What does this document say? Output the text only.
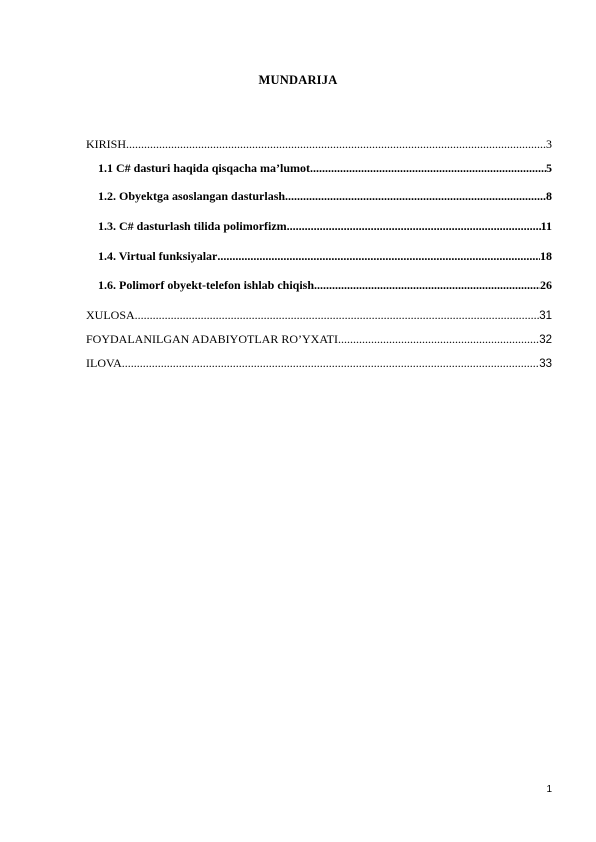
MUNDARIJA
KIRISH .....	3
1.1 C# dasturi haqida qisqacha ma’lumot .....	5
1.2. Obyektga asoslangan dasturlash .....	8
1.3. C# dasturlash tilida polimorfizm .....	11
1.4. Virtual funksiyalar .....	18
1.6. Polimorf obyekt-telefon ishlab chiqish .....	26
XULOSA .....	31
FOYDALANILGAN ADABIYOTLAR RO’YXATI .....	32
ILOVA .....	33
1
